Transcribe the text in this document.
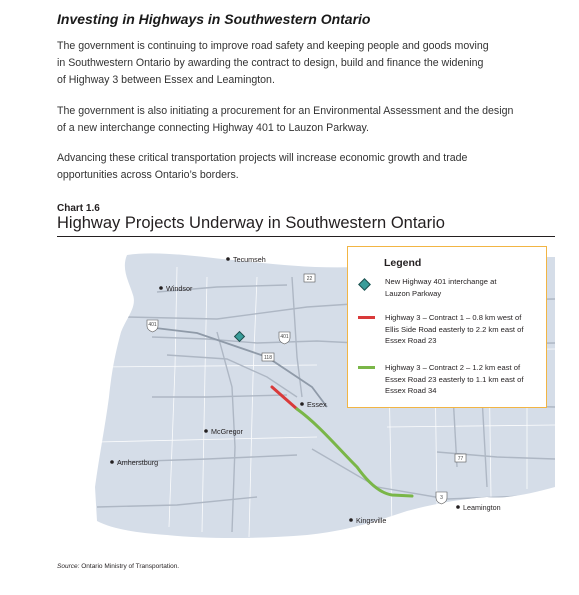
Investing in Highways in Southwestern Ontario

The government is continuing to improve road safety and keeping people and goods moving
in Southwestern Ontario by awarding the contract to design, build and finance the widening
of Highway 3 between Essex and Leamington.

The government is also initiating a procurement for an Environmental Assessment and the design
of a new interchange connecting Highway 401 to Lauzon Parkway.

Advancing these critical transportation projects will increase economic growth and trade
opportunities across Ontario’s borders.

Chart 1.6
Highway Projects Underway in Southwestern Ontario
401
401
22
118
77
3
Tecumseh
Windsor
Essex
McGregor
Amherstburg
Kingsville
Leamington
Legend
New Highway 401 interchange at
Lauzon Parkway
Highway 3 – Contract 1 – 0.8 km west of
Ellis Side Road easterly to 2.2 km east of
Essex Road 23
Highway 3 – Contract 2 – 1.2 km east of
Essex Road 23 easterly to 1.1 km east of
Essex Road 34
Source: Ontario Ministry of Transportation.
